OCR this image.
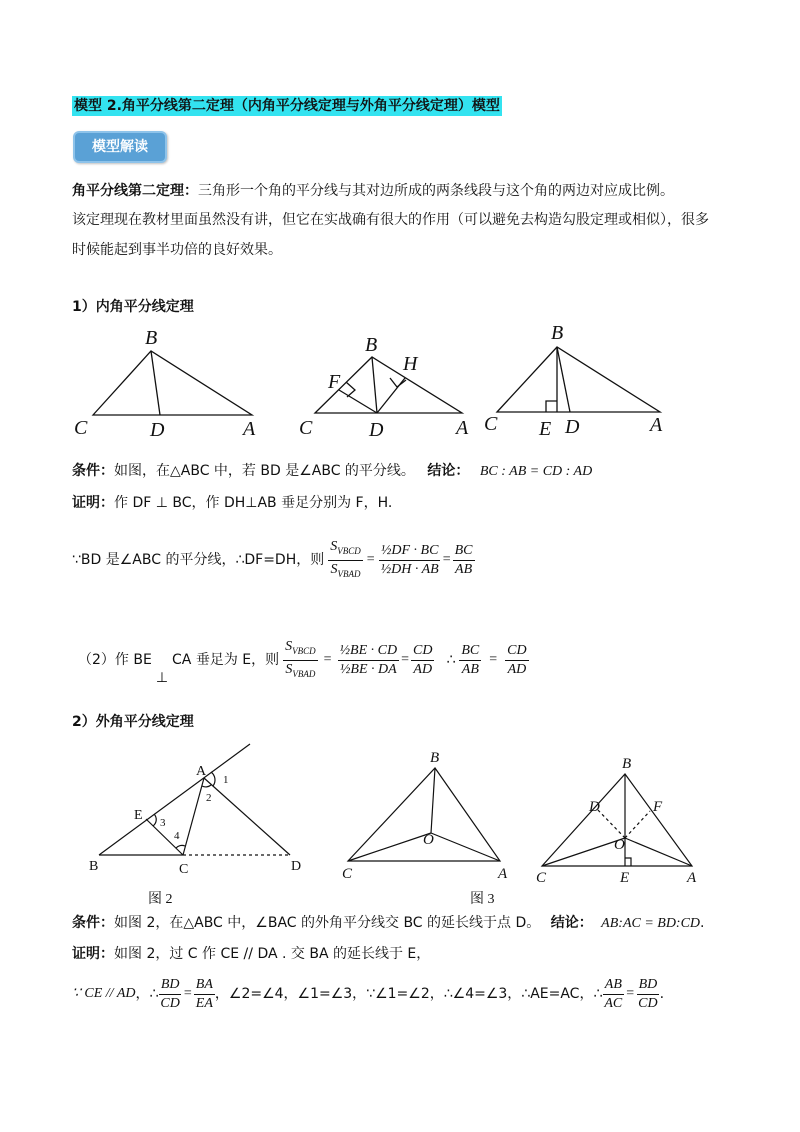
模型 2.角平分线第二定理（内角平分线定理与外角平分线定理）模型
模型解读
角平分线第二定理：三角形一个角的平分线与其对边所成的两条线段与这个角的两边对应成比例。
该定理现在教材里面虽然没有讲，但它在实战确有很大的作用（可以避免去构造勾股定理或相似），很多
时候能起到事半功倍的良好效果。
1）内角平分线定理
B
C	D	A
B
C	D	A
F
H
B
C E D	A
条件：如图，在△ABC 中，若 BD 是∠ABC 的平分线。 结论： BC : AB = CD : AD
证明：作 DF ⊥ BC，作 DH⊥AB 垂足分别为 F，H.
∵BD 是∠ABC 的平分线，∴DF=DH，则 $\frac{S_{VBCD}}{S_{VBAD}} = \frac{\text{½DF · BC}}{\text{½DH · AB}} = \frac{BC}{AB}$
（2）作 BE
⊥
CA 垂足为 E，则 $\frac{S_{VBCD}}{S_{VBAD}} = \frac{\text{½BE · CD}}{\text{½BE · DA}} = \frac{CD}{AD}$ ∴ $\frac{BC}{AB} = \frac{CD}{AD}$
2）外角平分线定理
A
B	C	D
E
1
2
3
4
B
C	A
O
B
C	A
O
E
D	F
图 2	图 3
条件：如图 2，在△ABC 中，∠BAC 的外角平分线交 BC 的延长线于点 D。 结论： AB:AC = BD:CD.
证明：如图 2，过 C 作 CE // DA . 交 BA 的延长线于 E，
∵ CE // AD ，∴ $\frac{BD}{CD} = \frac{BA}{EA}$ ，∠2=∠4，∠1=∠3，∵∠1=∠2，∴∠4=∠3，∴AE=AC，∴ $\frac{AB}{AC} = \frac{BD}{CD}$ .
